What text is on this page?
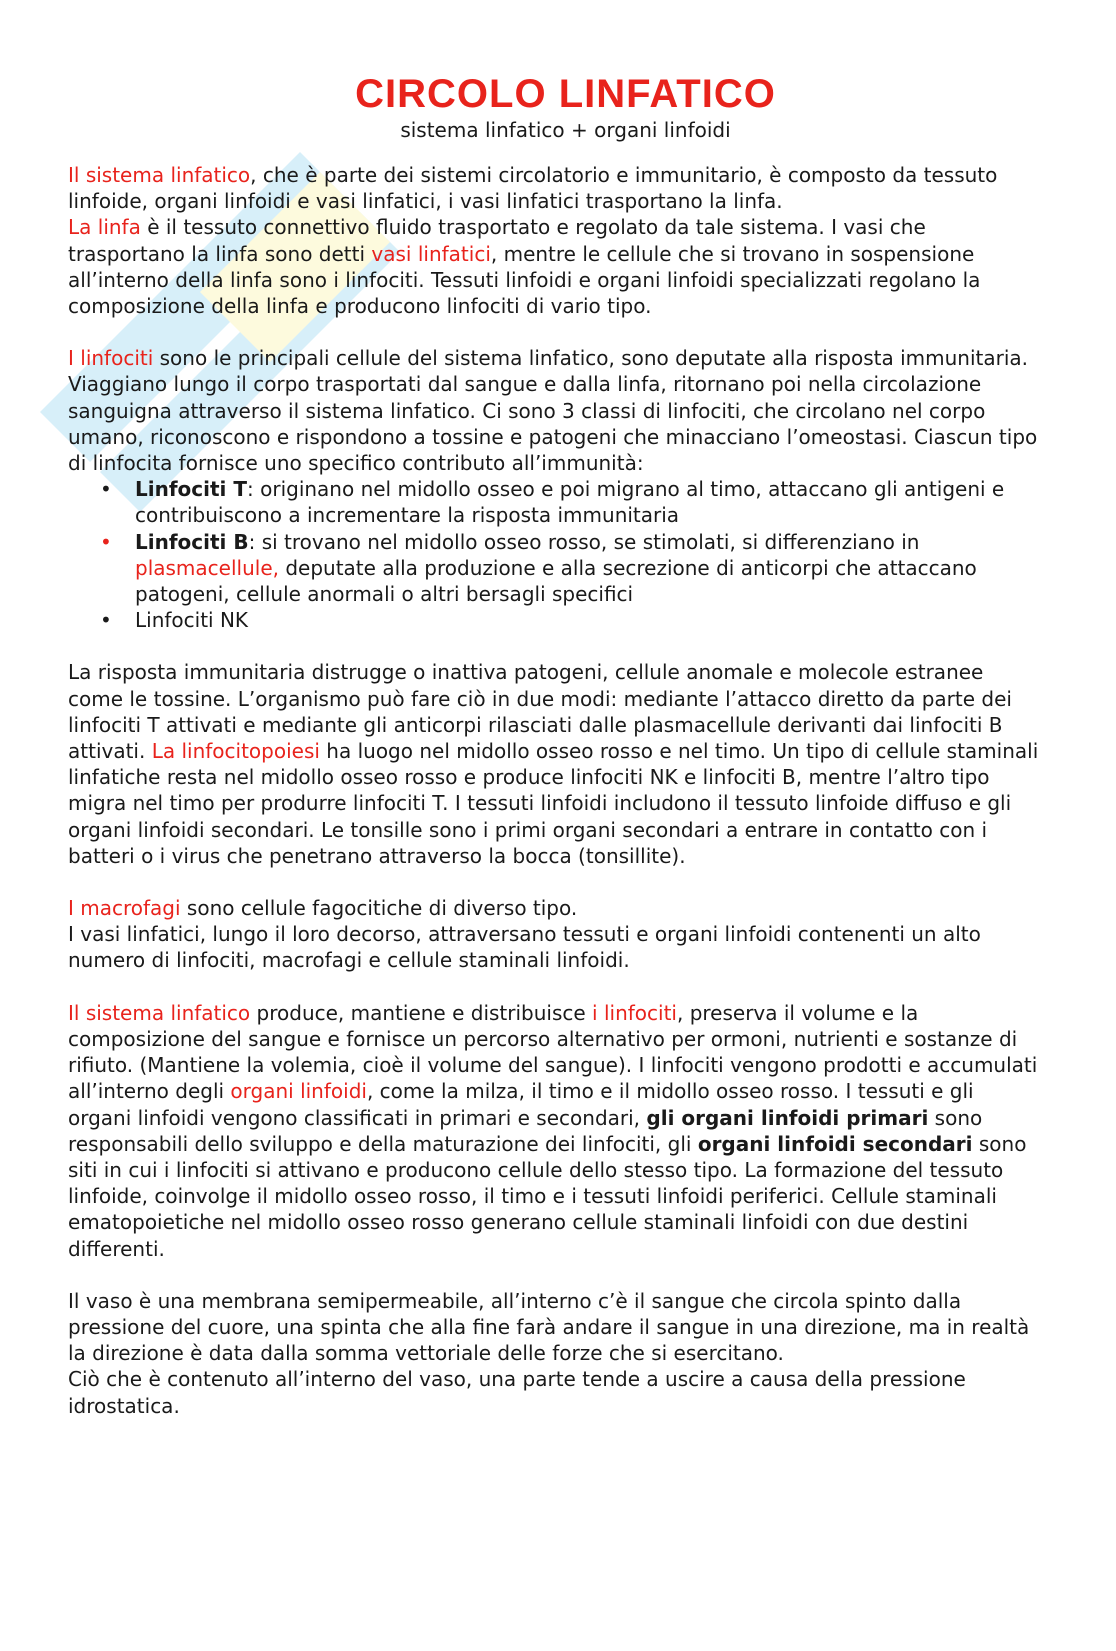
CIRCOLO LINFATICO
sistema linfatico + organi linfoidi

Il sistema linfatico, che è parte dei sistemi circolatorio e immunitario, è composto da tessuto linfoide, organi linfoidi e vasi linfatici, i vasi linfatici trasportano la linfa.
La linfa è il tessuto connettivo fluido trasportato e regolato da tale sistema. I vasi che trasportano la linfa sono detti vasi linfatici, mentre le cellule che si trovano in sospensione all’interno della linfa sono i linfociti. Tessuti linfoidi e organi linfoidi specializzati regolano la composizione della linfa e producono linfociti di vario tipo.

I linfociti sono le principali cellule del sistema linfatico, sono deputate alla risposta immunitaria. Viaggiano lungo il corpo trasportati dal sangue e dalla linfa, ritornano poi nella circolazione sanguigna attraverso il sistema linfatico. Ci sono 3 classi di linfociti, che circolano nel corpo umano, riconoscono e rispondono a tossine e patogeni che minacciano l’omeostasi. Ciascun tipo di linfocita fornisce uno specifico contributo all’immunità:

• Linfociti T: originano nel midollo osseo e poi migrano al timo, attaccano gli antigeni e contribuiscono a incrementare la risposta immunitaria
• Linfociti B: si trovano nel midollo osseo rosso, se stimolati, si differenziano in plasmacellule, deputate alla produzione e alla secrezione di anticorpi che attaccano patogeni, cellule anormali o altri bersagli specifici
• Linfociti NK

La risposta immunitaria distrugge o inattiva patogeni, cellule anomale e molecole estranee come le tossine. L’organismo può fare ciò in due modi: mediante l’attacco diretto da parte dei linfociti T attivati e mediante gli anticorpi rilasciati dalle plasmacellule derivanti dai linfociti B attivati. La linfocitopoiesi ha luogo nel midollo osseo rosso e nel timo. Un tipo di cellule staminali linfatiche resta nel midollo osseo rosso e produce linfociti NK e linfociti B, mentre l’altro tipo migra nel timo per produrre linfociti T. I tessuti linfoidi includono il tessuto linfoide diffuso e gli organi linfoidi secondari. Le tonsille sono i primi organi secondari a entrare in contatto con i batteri o i virus che penetrano attraverso la bocca (tonsillite).

I macrofagi sono cellule fagocitiche di diverso tipo.
I vasi linfatici, lungo il loro decorso, attraversano tessuti e organi linfoidi contenenti un alto numero di linfociti, macrofagi e cellule staminali linfoidi.

Il sistema linfatico produce, mantiene e distribuisce i linfociti, preserva il volume e la composizione del sangue e fornisce un percorso alternativo per ormoni, nutrienti e sostanze di rifiuto. (Mantiene la volemia, cioè il volume del sangue). I linfociti vengono prodotti e accumulati all’interno degli organi linfoidi, come la milza, il timo e il midollo osseo rosso. I tessuti e gli organi linfoidi vengono classificati in primari e secondari, gli organi linfoidi primari sono responsabili dello sviluppo e della maturazione dei linfociti, gli organi linfoidi secondari sono siti in cui i linfociti si attivano e producono cellule dello stesso tipo. La formazione del tessuto linfoide, coinvolge il midollo osseo rosso, il timo e i tessuti linfoidi periferici. Cellule staminali ematopoietiche nel midollo osseo rosso generano cellule staminali linfoidi con due destini differenti.

Il vaso è una membrana semipermeabile, all’interno c’è il sangue che circola spinto dalla pressione del cuore, una spinta che alla fine farà andare il sangue in una direzione, ma in realtà la direzione è data dalla somma vettoriale delle forze che si esercitano.
Ciò che è contenuto all’interno del vaso, una parte tende a uscire a causa della pressione idrostatica.
